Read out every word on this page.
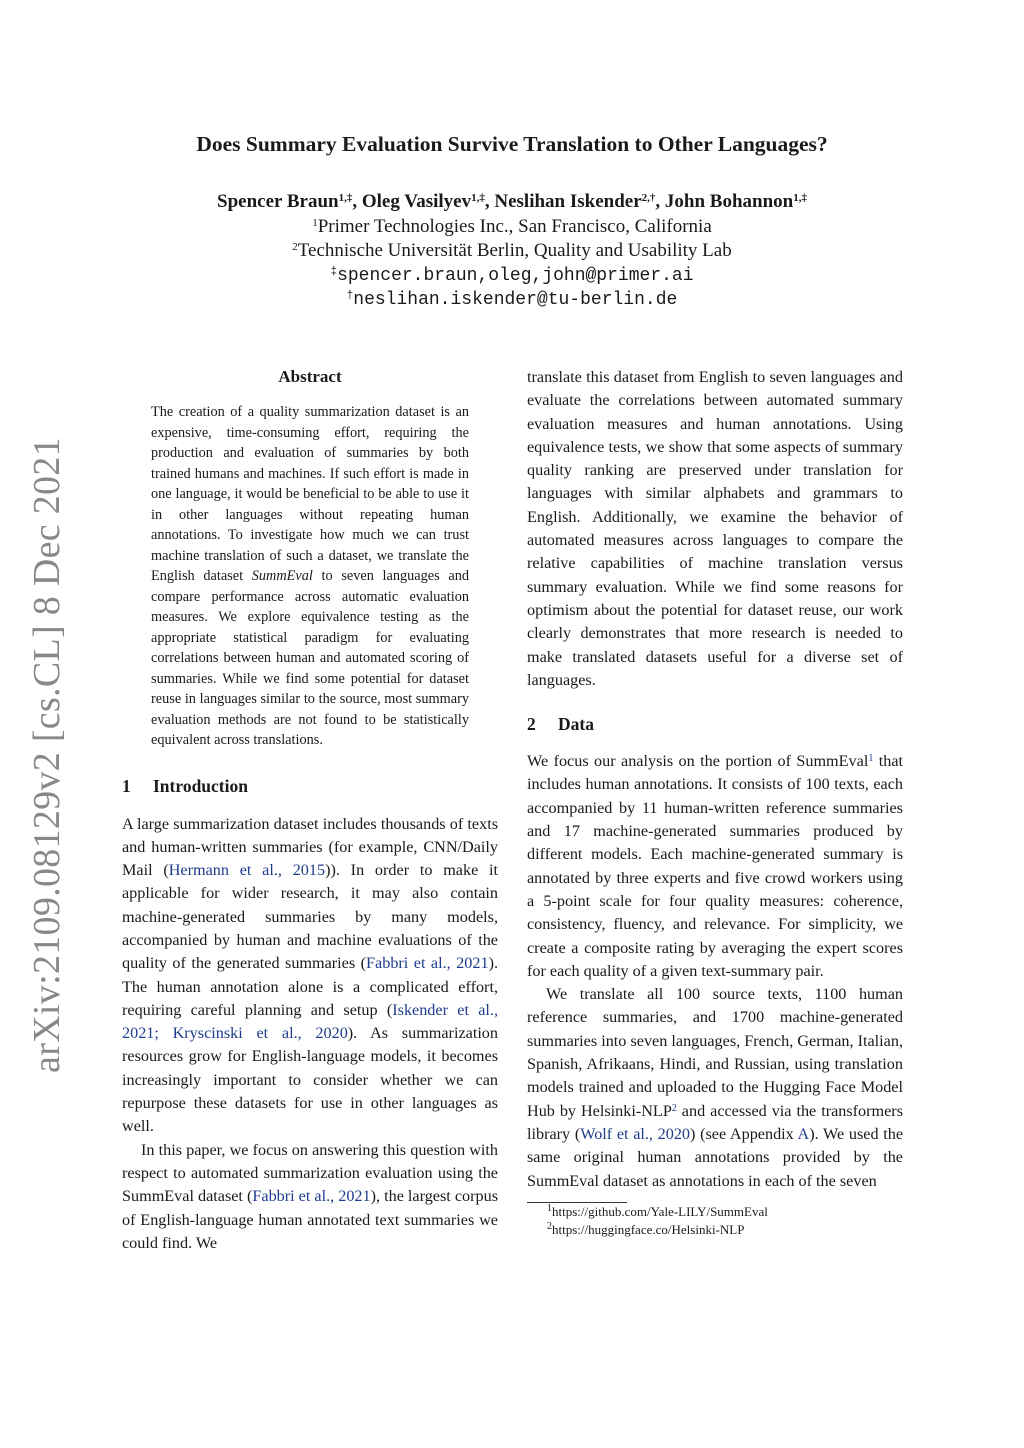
arXiv:2109.08129v2 [cs.CL] 8 Dec 2021
Does Summary Evaluation Survive Translation to Other Languages?
Spencer Braun$^{1,\ddagger}$, Oleg Vasilyev$^{1,\ddagger}$, Neslihan Iskender$^{2,\dagger}$, John Bohannon$^{1,\ddagger}$
$^1$Primer Technologies Inc., San Francisco, California
$^2$Technische Universität Berlin, Quality and Usability Lab
‡spencer.braun,oleg,john@primer.ai
†neslihan.iskender@tu-berlin.de
Abstract

The creation of a quality summarization dataset is an expensive, time-consuming effort, requiring the production and evaluation of summaries by both trained humans and machines. If such effort is made in one language, it would be beneficial to be able to use it in other languages without repeating human annotations. To investigate how much we can trust machine translation of such a dataset, we translate the English dataset SummEval to seven languages and compare performance across automatic evaluation measures. We explore equivalence testing as the appropriate statistical paradigm for evaluating correlations between human and automated scoring of summaries. While we find some potential for dataset reuse in languages similar to the source, most summary evaluation methods are not found to be statistically equivalent across translations.

1 Introduction

A large summarization dataset includes thousands of texts and human-written summaries (for example, CNN/Daily Mail (Hermann et al., 2015)). In order to make it applicable for wider research, it may also contain machine-generated summaries by many models, accompanied by human and machine evaluations of the quality of the generated summaries (Fabbri et al., 2021). The human annotation alone is a complicated effort, requiring careful planning and setup (Iskender et al., 2021; Kryscinski et al., 2020). As summarization resources grow for English-language models, it becomes increasingly important to consider whether we can repurpose these datasets for use in other languages as well.

In this paper, we focus on answering this question with respect to automated summarization evaluation using the SummEval dataset (Fabbri et al., 2021), the largest corpus of English-language human annotated text summaries we could find. We

translate this dataset from English to seven languages and evaluate the correlations between automated summary evaluation measures and human annotations. Using equivalence tests, we show that some aspects of summary quality ranking are preserved under translation for languages with similar alphabets and grammars to English. Additionally, we examine the behavior of automated measures across languages to compare the relative capabilities of machine translation versus summary evaluation. While we find some reasons for optimism about the potential for dataset reuse, our work clearly demonstrates that more research is needed to make translated datasets useful for a diverse set of languages.

2 Data

We focus our analysis on the portion of SummEval$^1$ that includes human annotations. It consists of 100 texts, each accompanied by 11 human-written reference summaries and 17 machine-generated summaries produced by different models. Each machine-generated summary is annotated by three experts and five crowd workers using a 5-point scale for four quality measures: coherence, consistency, fluency, and relevance. For simplicity, we create a composite rating by averaging the expert scores for each quality of a given text-summary pair.

We translate all 100 source texts, 1100 human reference summaries, and 1700 machine-generated summaries into seven languages, French, German, Italian, Spanish, Afrikaans, Hindi, and Russian, using translation models trained and uploaded to the Hugging Face Model Hub by Helsinki-NLP$^2$ and accessed via the transformers library (Wolf et al., 2020) (see Appendix A). We used the same original human annotations provided by the SummEval dataset as annotations in each of the seven

$^1$https://github.com/Yale-LILY/SummEval
$^2$https://huggingface.co/Helsinki-NLP
